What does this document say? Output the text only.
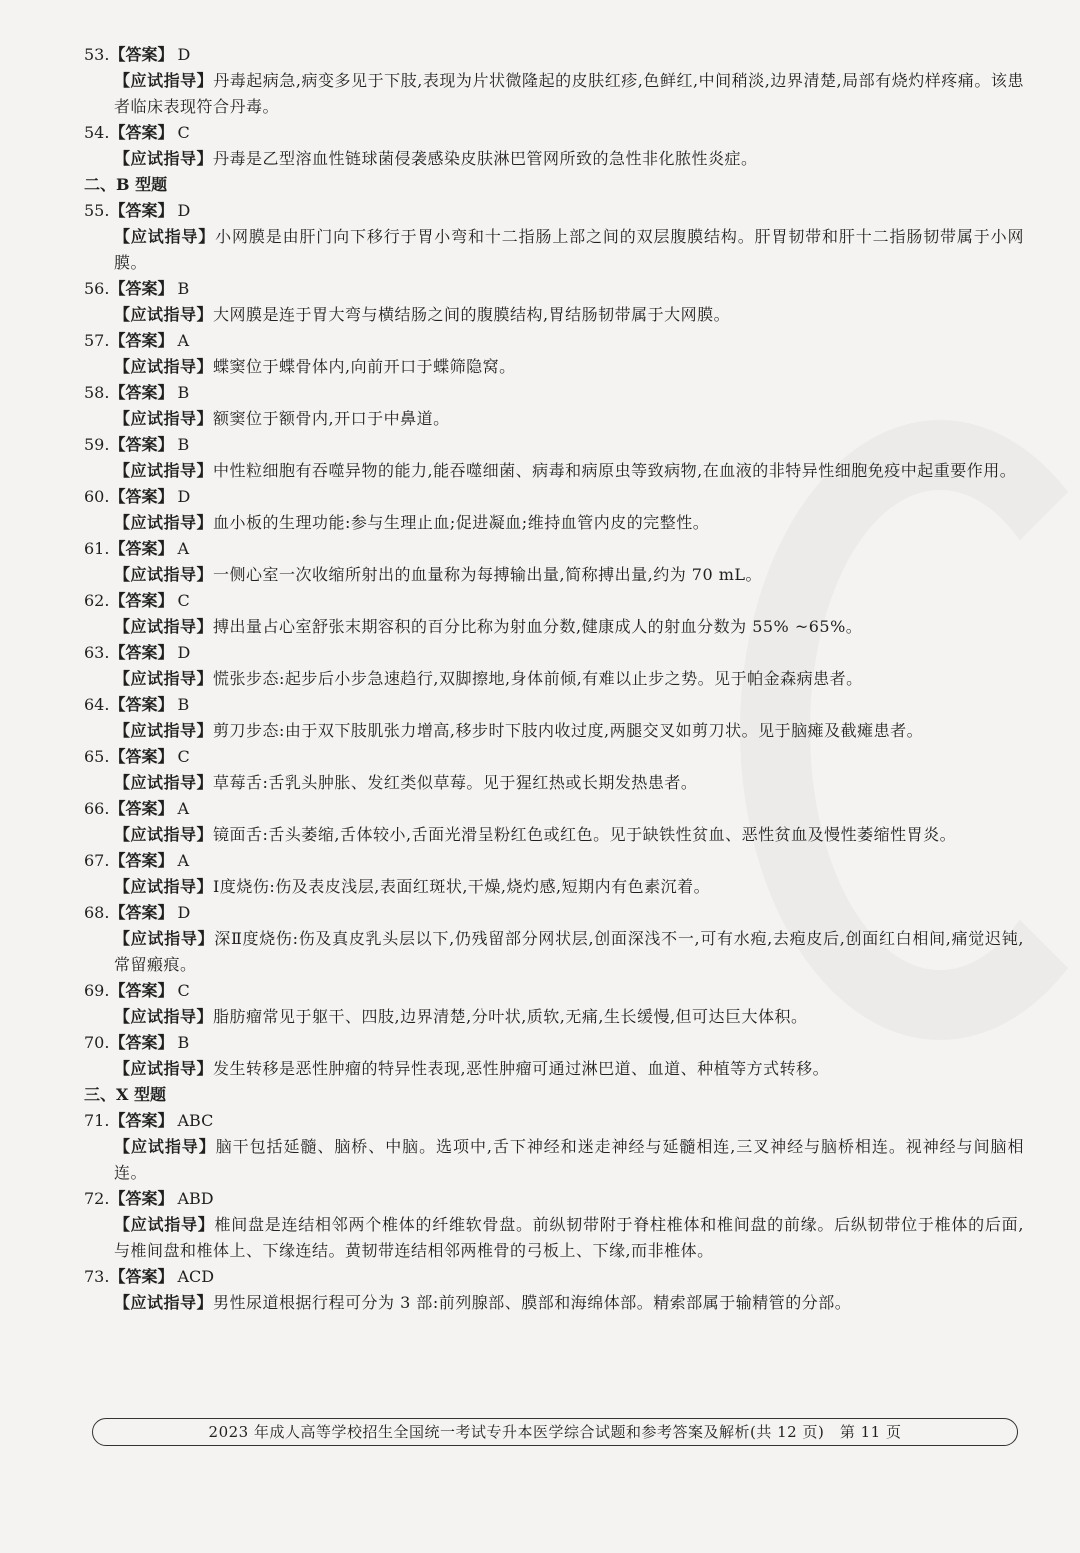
53.【答案】 D
【应试指导】丹毒起病急,病变多见于下肢,表现为片状微隆起的皮肤红疹,色鲜红,中间稍淡,边界清楚,局部有烧灼样疼痛。该患者临床表现符合丹毒。
54.【答案】 C
【应试指导】丹毒是乙型溶血性链球菌侵袭感染皮肤淋巴管网所致的急性非化脓性炎症。
二、B 型题
55.【答案】 D
【应试指导】小网膜是由肝门向下移行于胃小弯和十二指肠上部之间的双层腹膜结构。肝胃韧带和肝十二指肠韧带属于小网膜。
56.【答案】 B
【应试指导】大网膜是连于胃大弯与横结肠之间的腹膜结构,胃结肠韧带属于大网膜。
57.【答案】 A
【应试指导】蝶窦位于蝶骨体内,向前开口于蝶筛隐窝。
58.【答案】 B
【应试指导】额窦位于额骨内,开口于中鼻道。
59.【答案】 B
【应试指导】中性粒细胞有吞噬异物的能力,能吞噬细菌、病毒和病原虫等致病物,在血液的非特异性细胞免疫中起重要作用。
60.【答案】 D
【应试指导】血小板的生理功能:参与生理止血;促进凝血;维持血管内皮的完整性。
61.【答案】 A
【应试指导】一侧心室一次收缩所射出的血量称为每搏输出量,简称搏出量,约为 70 mL。
62.【答案】 C
【应试指导】搏出量占心室舒张末期容积的百分比称为射血分数,健康成人的射血分数为 55% ~65%。
63.【答案】 D
【应试指导】慌张步态:起步后小步急速趋行,双脚擦地,身体前倾,有难以止步之势。见于帕金森病患者。
64.【答案】 B
【应试指导】剪刀步态:由于双下肢肌张力增高,移步时下肢内收过度,两腿交叉如剪刀状。见于脑瘫及截瘫患者。
65.【答案】 C
【应试指导】草莓舌:舌乳头肿胀、发红类似草莓。见于猩红热或长期发热患者。
66.【答案】 A
【应试指导】镜面舌:舌头萎缩,舌体较小,舌面光滑呈粉红色或红色。见于缺铁性贫血、恶性贫血及慢性萎缩性胃炎。
67.【答案】 A
【应试指导】Ⅰ度烧伤:伤及表皮浅层,表面红斑状,干燥,烧灼感,短期内有色素沉着。
68.【答案】 D
【应试指导】深Ⅱ度烧伤:伤及真皮乳头层以下,仍残留部分网状层,创面深浅不一,可有水疱,去疱皮后,创面红白相间,痛觉迟钝,常留瘢痕。
69.【答案】 C
【应试指导】脂肪瘤常见于躯干、四肢,边界清楚,分叶状,质软,无痛,生长缓慢,但可达巨大体积。
70.【答案】 B
【应试指导】发生转移是恶性肿瘤的特异性表现,恶性肿瘤可通过淋巴道、血道、种植等方式转移。
三、X 型题
71.【答案】 ABC
【应试指导】脑干包括延髓、脑桥、中脑。选项中,舌下神经和迷走神经与延髓相连,三叉神经与脑桥相连。视神经与间脑相连。
72.【答案】 ABD
【应试指导】椎间盘是连结相邻两个椎体的纤维软骨盘。前纵韧带附于脊柱椎体和椎间盘的前缘。后纵韧带位于椎体的后面,与椎间盘和椎体上、下缘连结。黄韧带连结相邻两椎骨的弓板上、下缘,而非椎体。
73.【答案】 ACD
【应试指导】男性尿道根据行程可分为 3 部:前列腺部、膜部和海绵体部。精索部属于输精管的分部。
2023 年成人高等学校招生全国统一考试专升本医学综合试题和参考答案及解析(共 12 页)　第 11 页
